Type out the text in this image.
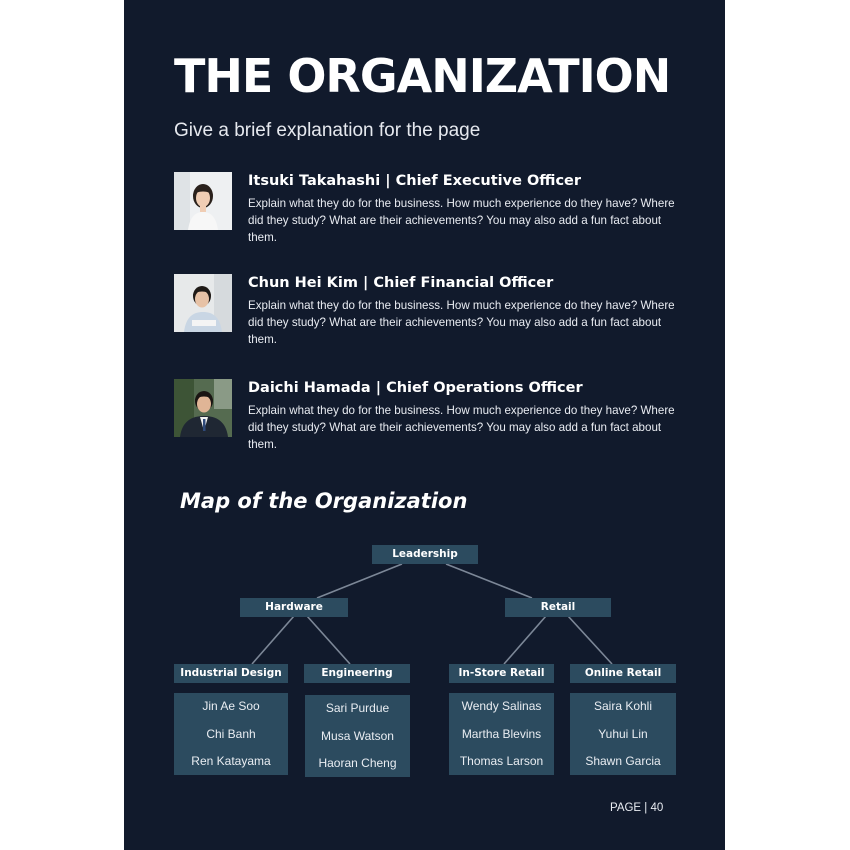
THE ORGANIZATION
Give a brief explanation for the page
Itsuki Takahashi | Chief Executive Officer
Explain what they do for the business. How much experience do they have? Where did they study? What are their achievements? You may also add a fun fact about them.
Chun Hei Kim | Chief Financial Officer
Explain what they do for the business. How much experience do they have? Where did they study? What are their achievements? You may also add a fun fact about them.
Daichi Hamada | Chief Operations Officer
Explain what they do for the business. How much experience do they have? Where did they study? What are their achievements? You may also add a fun fact about them.
Map of the Organization
Leadership
Hardware	Retail
Industrial Design	Engineering	In-Store Retail	Online Retail
Jin Ae Soo
Chi Banh
Ren Katayama
Sari Purdue
Musa Watson
Haoran Cheng
Wendy Salinas
Martha Blevins
Thomas Larson
Saira Kohli
Yuhui Lin
Shawn Garcia
PAGE | 40
